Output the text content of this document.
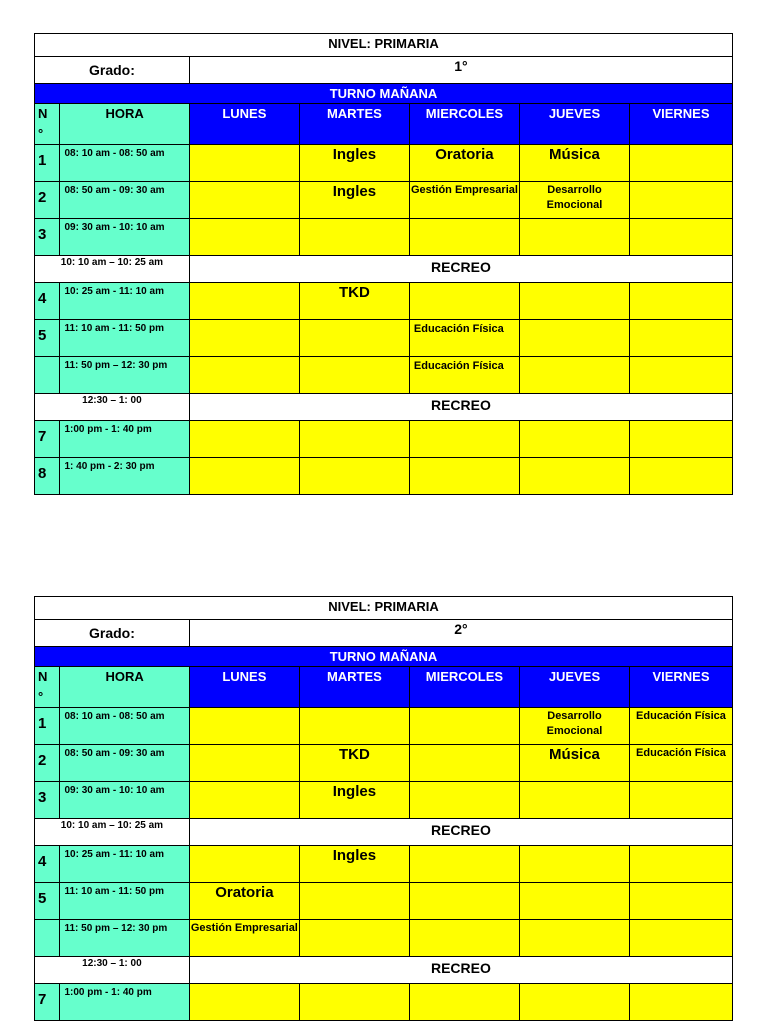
NIVEL: PRIMARIA						
Grado:		1°				
TURNO MAÑANA						
N
°	HORA	LUNES	MARTES	MIERCOLES	JUEVES	VIERNES
1	08: 10 am - 08: 50 am		Ingles	Oratoria	Música	

2	08: 50 am - 09: 30 am		Ingles	Gestión Empresarial	Desarrollo Emocional	

3	09: 30 am - 10: 10 am					
10: 10 am – 10: 25 am		RECREO				
4	10: 25 am - 11: 10 am		TKD			

5	11: 10 am - 11: 50 pm			Educación Física		

	11: 50 pm – 12: 30 pm			Educación Física		

12:30 – 1: 00		RECREO				
7	1:00 pm - 1: 40 pm					
8	1: 40 pm - 2: 30 pm					
NIVEL: PRIMARIA						
Grado:		2°				
TURNO MAÑANA						
N
°	HORA	LUNES	MARTES	MIERCOLES	JUEVES	VIERNES
1	08: 10 am - 08: 50 am				Desarrollo Emocional	Educación Física

2	08: 50 am - 09: 30 am		TKD		Música	Educación Física

3	09: 30 am - 10: 10 am		Ingles			

10: 10 am – 10: 25 am		RECREO				
4	10: 25 am - 11: 10 am		Ingles			

5	11: 10 am - 11: 50 pm	Oratoria				

	11: 50 pm – 12: 30 pm	Gestión Empresarial				

12:30 – 1: 00		RECREO				
7	1:00 pm - 1: 40 pm					
